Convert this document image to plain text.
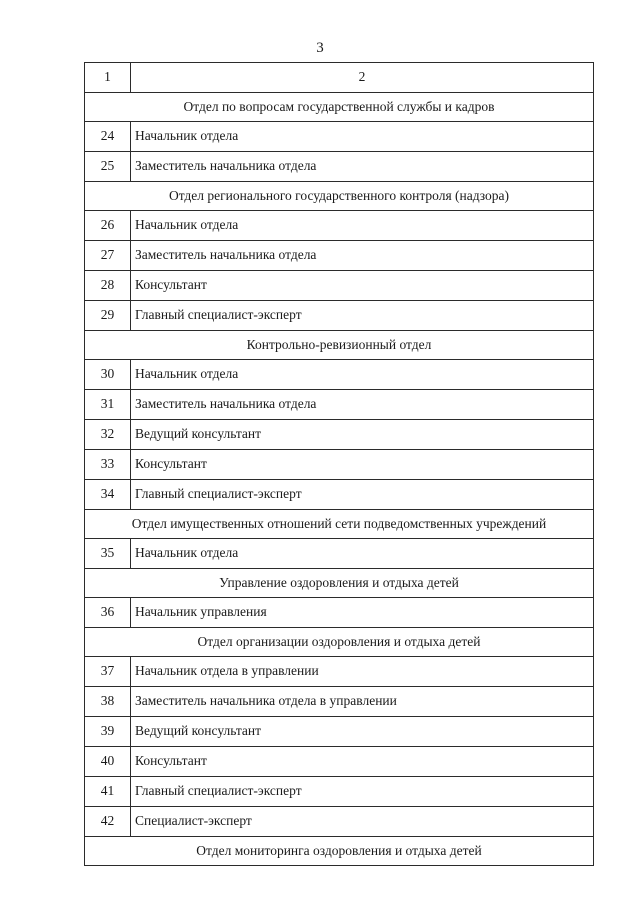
3
1	2
Отдел по вопросам государственной службы и кадров	
24	Начальник отдела
25	Заместитель начальника отдела
Отдел регионального государственного контроля (надзора)	
26	Начальник отдела
27	Заместитель начальника отдела
28	Консультант
29	Главный специалист-эксперт
Контрольно-ревизионный отдел	
30	Начальник отдела
31	Заместитель начальника отдела
32	Ведущий консультант
33	Консультант
34	Главный специалист-эксперт
Отдел имущественных отношений сети подведомственных учреждений	
35	Начальник отдела
Управление оздоровления и отдыха детей	
36	Начальник управления
Отдел организации оздоровления и отдыха детей	
37	Начальник отдела в управлении
38	Заместитель начальника отдела в управлении
39	Ведущий консультант
40	Консультант
41	Главный специалист-эксперт
42	Специалист-эксперт
Отдел мониторинга оздоровления и отдыха детей	
